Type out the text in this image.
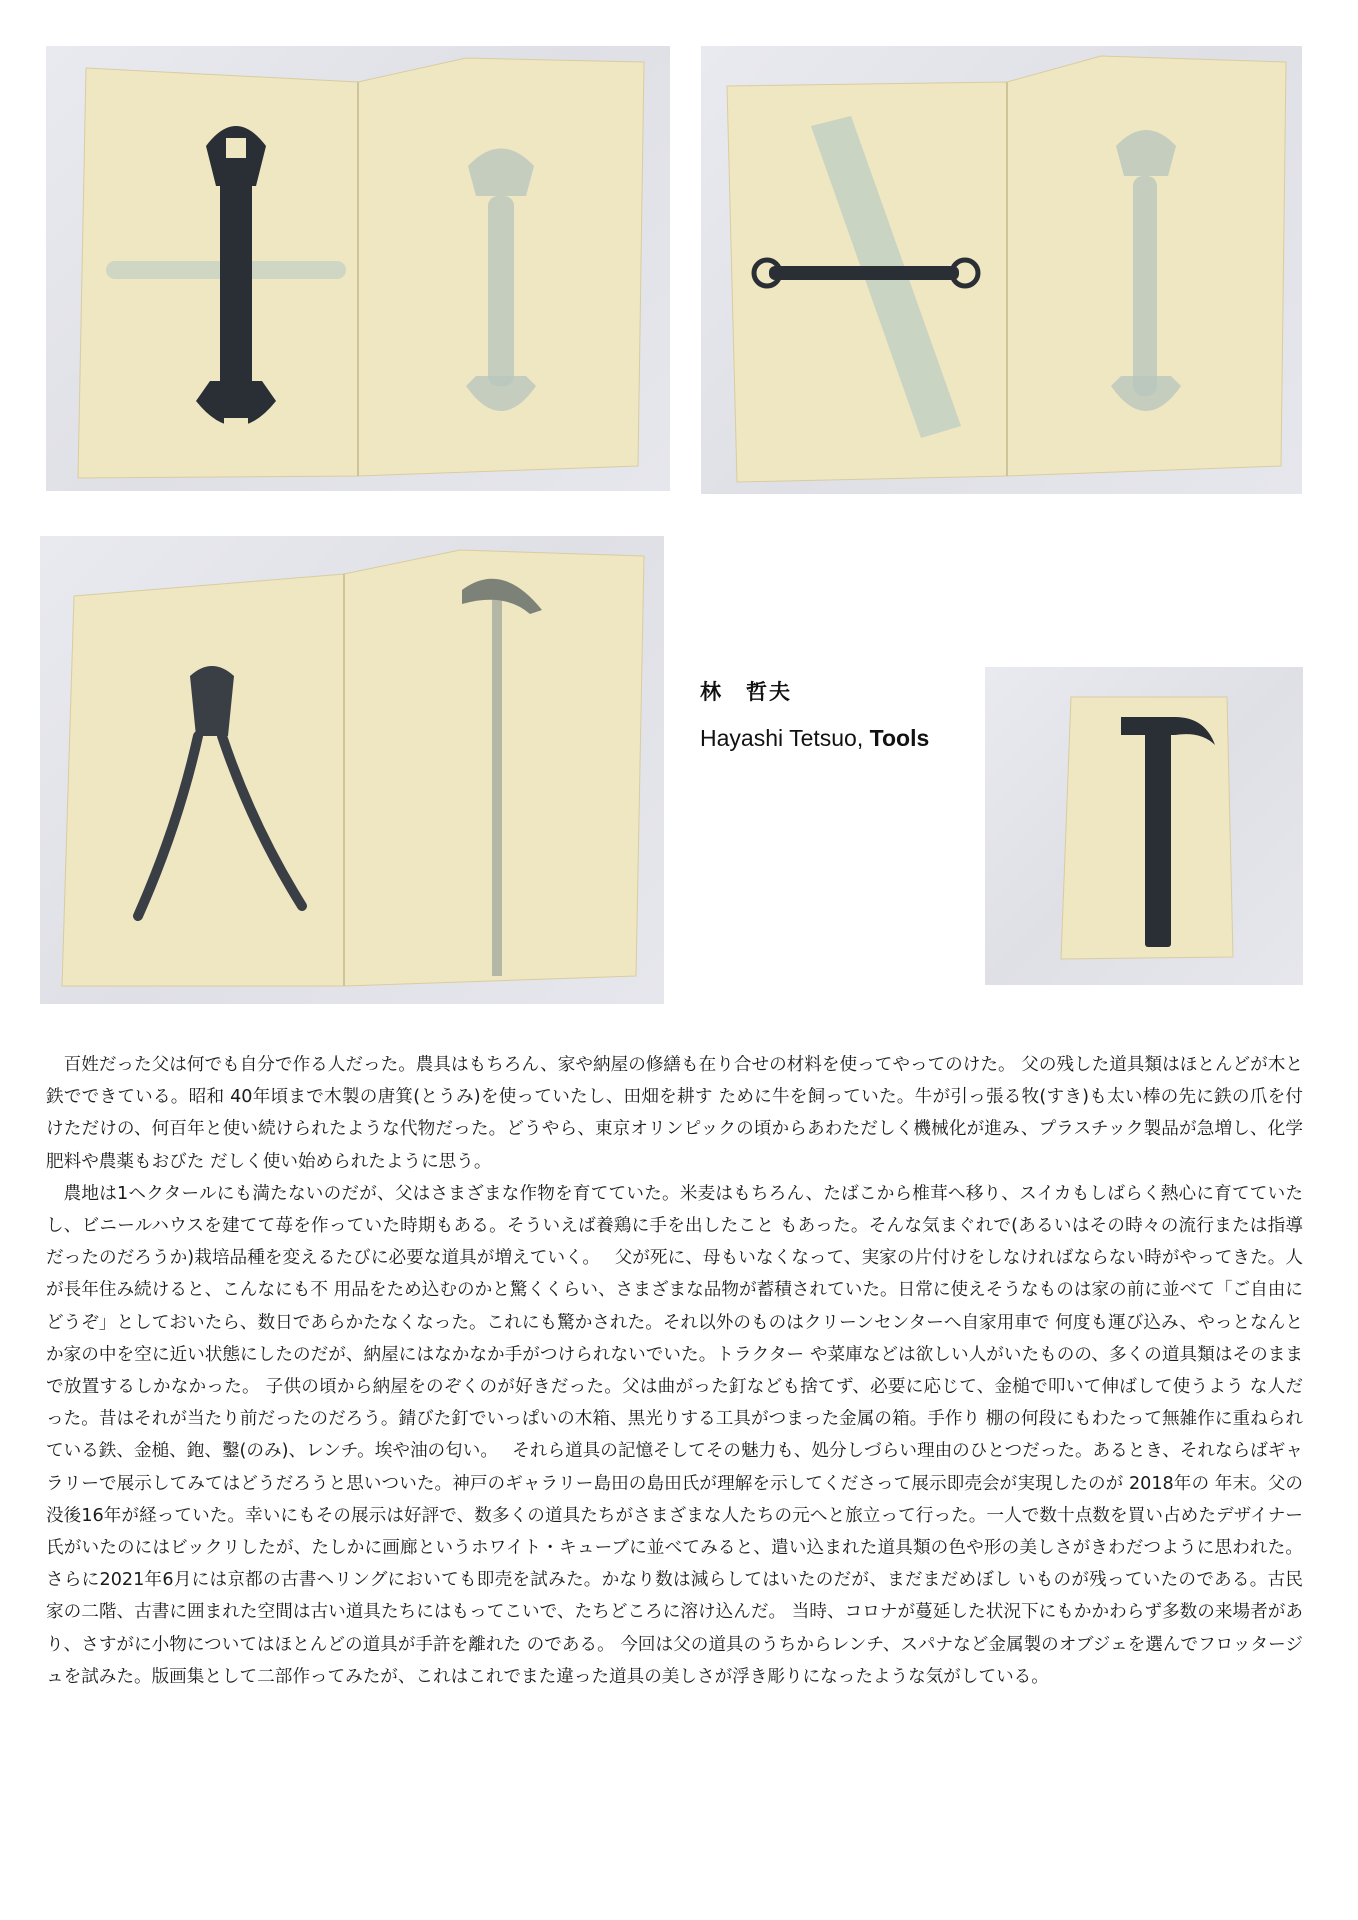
林　哲夫

Hayashi Tetsuo, Tools

百姓だった父は何でも自分で作る人だった。農具はもちろん、家や納屋の修繕も在り合せの材料を使ってやってのけた。 父の残した道具類はほとんどが木と鉄でできている。昭和 40年頃まで木製の唐箕(とうみ)を使っていたし、田畑を耕す ために牛を飼っていた。牛が引っ張る牧(すき)も太い棒の先に鉄の爪を付けただけの、何百年と使い続けられたような代物だった。どうやら、東京オリンピックの頃からあわただしく機械化が進み、プラスチック製品が急増し、化学肥料や農薬もおびた だしく使い始められたように思う。

農地は1ヘクタールにも満たないのだが、父はさまざまな作物を育てていた。米麦はもちろん、たばこから椎茸へ移り、スイカもしばらく熱心に育てていたし、ビニールハウスを建てて苺を作っていた時期もある。そういえば養鶏に手を出したこと もあった。そんな気まぐれで(あるいはその時々の流行または指導だったのだろうか)栽培品種を変えるたびに必要な道具が増えていく。　 父が死に、母もいなくなって、実家の片付けをしなければならない時がやってきた。人が長年住み続けると、こんなにも不 用品をため込むのかと驚くくらい、さまざまな品物が蓄積されていた。日常に使えそうなものは家の前に並べて「ご自由にどうぞ」としておいたら、数日であらかたなくなった。これにも驚かされた。それ以外のものはクリーンセンターへ自家用車で 何度も運び込み、やっとなんとか家の中を空に近い状態にしたのだが、納屋にはなかなか手がつけられないでいた。トラクター や菜庫などは欲しい人がいたものの、多くの道具類はそのままで放置するしかなかった。 子供の頃から納屋をのぞくのが好きだった。父は曲がった釘なども捨てず、必要に応じて、金槌で叩いて伸ばして使うよう な人だった。昔はそれが当たり前だったのだろう。錆びた釘でいっぱいの木箱、黒光りする工具がつまった金属の箱。手作り 棚の何段にもわたって無雑作に重ねられている鉄、金槌、鉋、鑿(のみ)、レンチ。埃や油の匂い。　 それら道具の記憶そしてその魅力も、処分しづらい理由のひとつだった。あるとき、それならばギャラリーで展示してみてはどうだろうと思いついた。神戸のギャラリー島田の島田氏が理解を示してくださって展示即売会が実現したのが 2018年の 年末。父の没後16年が経っていた。幸いにもその展示は好評で、数多くの道具たちがさまざまな人たちの元へと旅立って行った。一人で数十点数を買い占めたデザイナー氏がいたのにはビックリしたが、たしかに画廊というホワイト・キューブに並べてみると、遣い込まれた道具類の色や形の美しさがきわだつように思われた。 さらに2021年6月には京都の古書ヘリングにおいても即売を試みた。かなり数は減らしてはいたのだが、まだまだめぼし いものが残っていたのである。古民家の二階、古書に囲まれた空間は古い道具たちにはもってこいで、たちどころに溶け込んだ。 当時、コロナが蔓延した状況下にもかかわらず多数の来場者があり、さすがに小物についてはほとんどの道具が手許を離れた のである。 今回は父の道具のうちからレンチ、スパナなど金属製のオブジェを選んでフロッタージュを試みた。版画集として二部作ってみたが、これはこれでまた違った道具の美しさが浮き彫りになったような気がしている。
